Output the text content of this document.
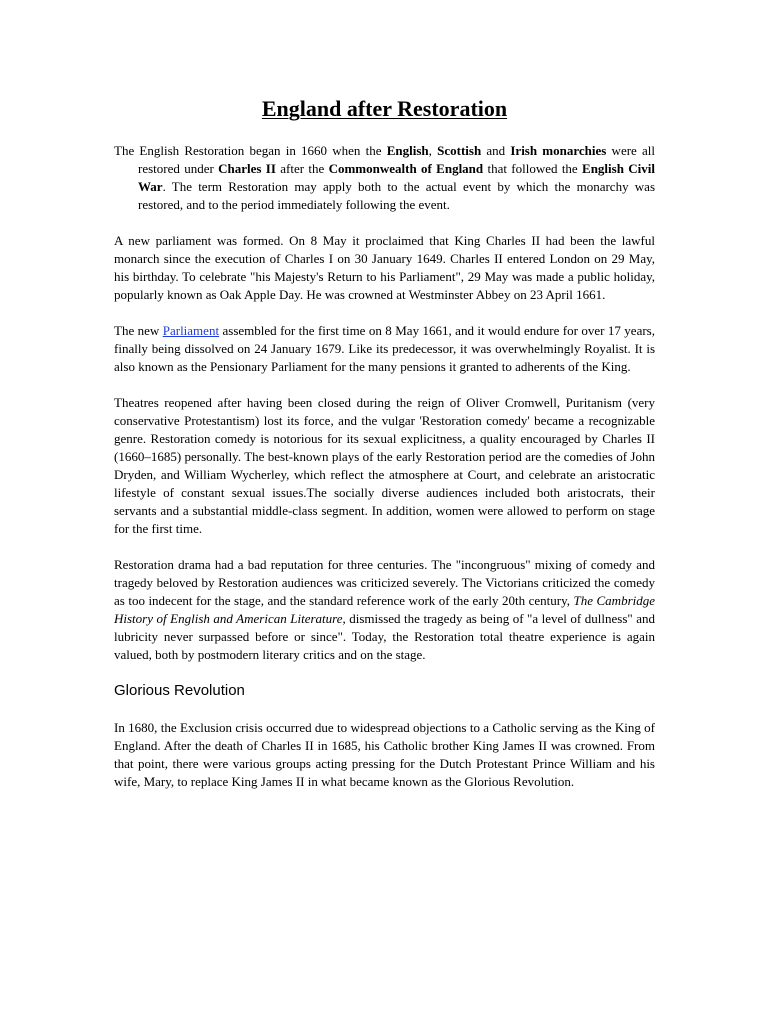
England after Restoration

The English Restoration began in 1660 when the English, Scottish and Irish monarchies were all restored under Charles II after the Commonwealth of England that followed the English Civil War. The term Restoration may apply both to the actual event by which the monarchy was restored, and to the period immediately following the event.

A new parliament was formed. On 8 May it proclaimed that King Charles II had been the lawful monarch since the execution of Charles I on 30 January 1649. Charles II entered London on 29 May, his birthday. To celebrate "his Majesty's Return to his Parliament", 29 May was made a public holiday, popularly known as Oak Apple Day. He was crowned at Westminster Abbey on 23 April 1661.

The new Parliament assembled for the first time on 8 May 1661, and it would endure for over 17 years, finally being dissolved on 24 January 1679. Like its predecessor, it was overwhelmingly Royalist. It is also known as the Pensionary Parliament for the many pensions it granted to adherents of the King.

Theatres reopened after having been closed during the reign of Oliver Cromwell, Puritanism (very conservative Protestantism) lost its force, and the vulgar 'Restoration comedy' became a recognizable genre. Restoration comedy is notorious for its sexual explicitness, a quality encouraged by Charles II (1660–1685) personally. The best-known plays of the early Restoration period are the comedies of John Dryden, and William Wycherley, which reflect the atmosphere at Court, and celebrate an aristocratic lifestyle of constant sexual issues.The socially diverse audiences included both aristocrats, their servants and a substantial middle-class segment. In addition, women were allowed to perform on stage for the first time.

Restoration drama had a bad reputation for three centuries. The "incongruous" mixing of comedy and tragedy beloved by Restoration audiences was criticized severely. The Victorians criticized the comedy as too indecent for the stage, and the standard reference work of the early 20th century, The Cambridge History of English and American Literature, dismissed the tragedy as being of "a level of dullness" and lubricity never surpassed before or since". Today, the Restoration total theatre experience is again valued, both by postmodern literary critics and on the stage.

Glorious Revolution

In 1680, the Exclusion crisis occurred due to widespread objections to a Catholic serving as the King of England. After the death of Charles II in 1685, his Catholic brother King James II was crowned. From that point, there were various groups acting pressing for the Dutch Protestant Prince William and his wife, Mary, to replace King James II in what became known as the Glorious Revolution.
